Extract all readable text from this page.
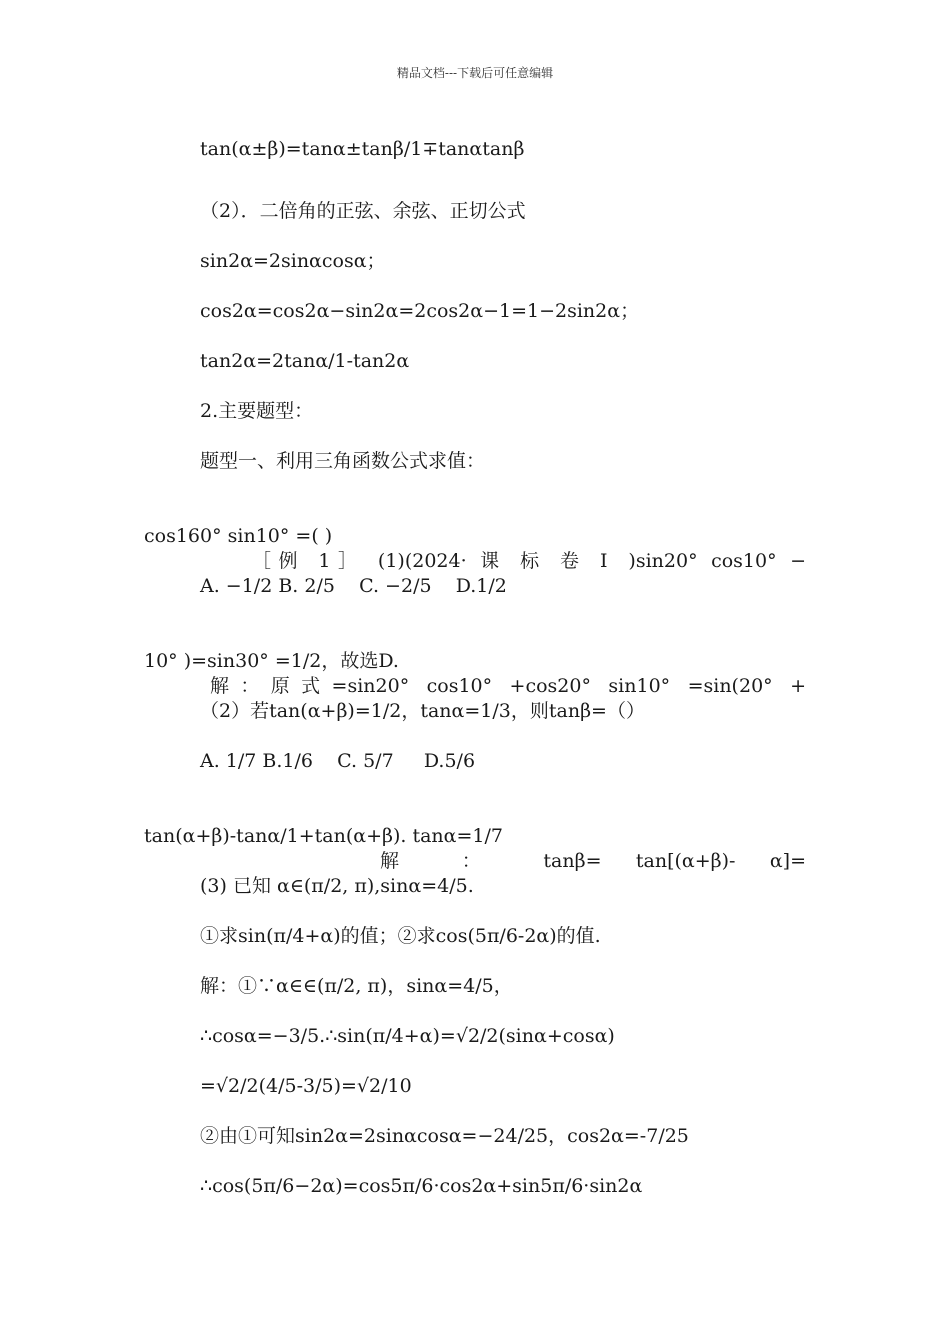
精品文档---下载后可任意编辑
tan(α±β)=tanα±tanβ/1∓tanαtanβ
（2）．二倍角的正弦、余弦、正切公式
sin2α=2sinαcosα；
cos2α=cos2α−sin2α=2cos2α−1=1−2sin2α；
tan2α=2tanα/1-tan2α
2.主要题型：
题型一、利用三角函数公式求值：

［例 1］ (1)(2024· 课 标 卷 Ⅰ )sin20° cos10° −

cos160° sin10° =( )
A. −1/2 B. 2/5    C. −2/5    D.1/2

解：原式=sin20° cos10° +cos20° sin10° =sin(20° +

10° )=sin30° =1/2，故选D.
（2）若tan(α+β)=1/2，tanα=1/3，则tanβ=（）
A. 1/7 B.1/6    C. 5/7     D.5/6

解 ： tanβ= tan[(α+β)- α]=

tan(α+β)-tanα/1+tan(α+β). tanα=1/7
(3) 已知 α∈(π/2, π),sinα=4/5.
①求sin(π/4+α)的值；②求cos(5π/6-2α)的值.
解：①∵α∈∈(π/2, π)，sinα=4/5，
∴cosα=−3/5.∴sin(π/4+α)=√2/2(sinα+cosα)
=√2/2(4/5-3/5)=√2/10
②由①可知sin2α=2sinαcosα=−24/25，cos2α=-7/25
∴cos(5π/6−2α)=cos5π/6·cos2α+sin5π/6·sin2α
